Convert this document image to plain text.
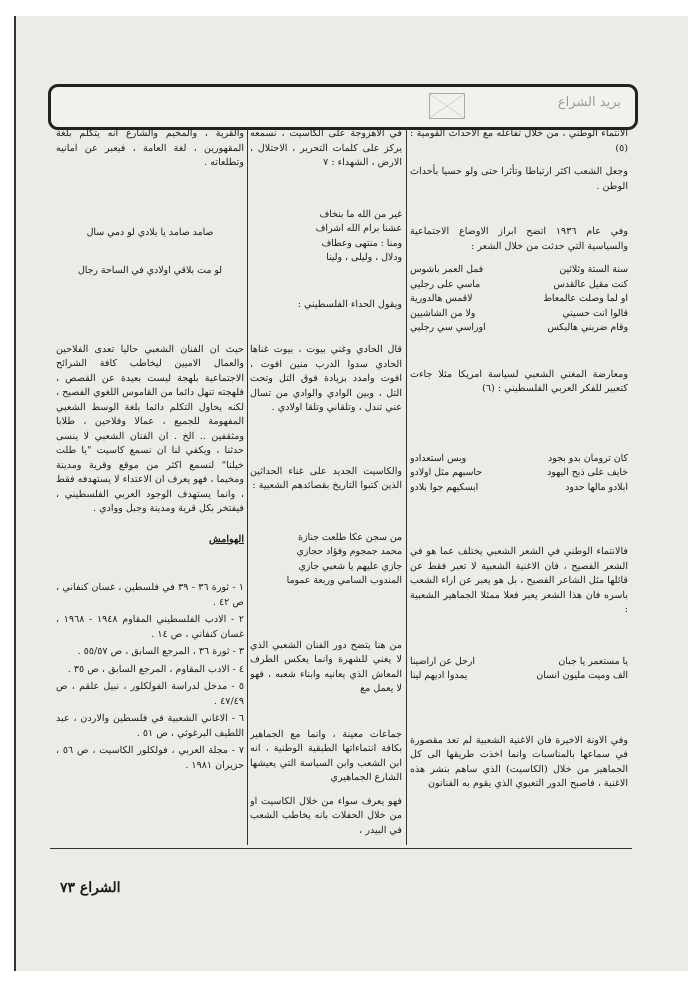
بريد الشراع

الانتماء الوطني ، من خلال تفاعله مع الاحداث القومية : (٥)

وجعل الشعب اكثر ارتباطا وتأثرا حتى ولو حسيا بأحداث الوطن .

وفي عام ١٩٣٦ اتضح ابراز الاوضاع الاجتماعية والسياسية التي حدثت من خلال الشعر :

سنة الستة وثلاثين
فمل العمر باشوس
كنت مقيل عالقدس
ماسي على رجليي
او لما وصلت عالمعاط
لاقمس هالدورية
قالوا انت حسيني
ولا من الشاشيين
وقام ضربني هالبكس
اوراسي سي رجليي

ومعارضة المغني الشعبي لسياسة امريكا مثلا جاءت كتعبير للفكر العربي الفلسطيني : (٦)

كان ترومان بدو بجود
وبس استعدادو
خايف على ذبح اليهود
حاسبهم مثل اولادو
ابلادو مالها حدود
ابسكيهم جوا بلادو

فالانتماء الوطني في الشعر الشعبي يختلف عما هو في الشعر الفصيح ، فان الاغنية الشعبية لا تعبر فقط عن قائلها مثل الشاعر الفصيح ، بل هو يعبر عن اراء الشعب باسره فان هذا الشعر يعبر فعلا ممثلا الجماهير الشعبية :

يا مستعمر يا جبان
ارحل عن اراضينا
الف وميت مليون انسان
يمدوا اديهم لينا

وفي الاونة الاخيرة فان الاغنية الشعبية لم تعد مقصورة في سماعها بالمناسبات وانما اخذت طريقها الى كل الجماهير من خلال (الكاسيت) الذي ساهم بنشر هذه الاغنية ، فاصبح الدور التعبوي الذي يقوم به الفنانون

في الاهزوجة على الكاسيت ، نسمعه يركز على كلمات التحرير ، الاحتلال ، الارض ، الشهداء : ٧

غير من الله ما بنخاف
عشنا برام الله اشراف
ومنا : منتهى وعطاف
ودلال ، وليلى ، ولينا

ويقول الحداء الفلسطيني :

قال الحادي وغني بيوت ، بيوت غناها الحادي سدوا الدرب منين افوت ، افوت وامدد بزيادة فوق التل وتحت التل ، وبين الوادي والوادي من تسال عني تندل ، وتلقاني وتلقا اولادي .

والكاسيت الجديد على غناء الحداثين الذين كتبوا التاريخ بقصائدهم الشعبية :

من سجن عكا طلعت جنازة
محمد جمجوم وفؤاد حجازي
جازي عليهم يا شعبي جازي
المندوب السامي وربعة عموما

من هنا يتضح دور الفنان الشعبي الذي لا يغني للشهرة وانما يعكس الطرف المعاش الذي يعانيه وابناء شعبه ، فهو لا يعمل مع

جماعات معينة ، وانما مع الجماهير بكافة انتماءاتها الطبقية الوطنية ، انه ابن الشعب وابن السياسة التي يعيشها الشارع الجماهيري

فهو يعرف سواء من خلال الكاسيت او من خلال الحفلات بانه يخاطب الشعب في البيدر ،

والقرية ، والمخيم والشارع انه يتكلم بلغة المقهورين ، لغة العامة ، فيعبر عن امانيه وتطلعاته .

صامد صامد يا بلادي لو دمي سال
لو مت بلاقي اولادي في الساحة رجال

حيث ان الفنان الشعبي حاليا تعدى الفلاحين والعمال الاميين ليخاطب كافة الشرائح الاجتماعية بلهجة ليست بعيدة عن القصص ، فلهجته تنهل دائما من القاموس اللغوي الفصيح ، لكنه يحاول التكلم دائما بلغة الوسط الشعبي المفهومة للجميع ، عمالا وفلاحين ، طلابا ومثقفين .. الخ . ان الفنان الشعبي لا ينسى حدثنا ، ويكفي لنا ان نسمع كاسيت "يا طلت خيلنا" لنسمع اكثر من موقع وقرية ومدينة ومخيما ، فهو يعرف ان الاعتداء لا يستهدفه فقط ، وانما يستهدف الوجود العربي الفلسطيني ، فيفتخر بكل قرية ومدينة وجبل ووادي .

الهوامش

١ - ثورة ٣٦ - ٣٩ في فلسطين ، غسان كنفاني ، ص ٤٢ .

٢ - الادب الفلسطيني المقاوم ١٩٤٨ - ١٩٦٨ ، غسان كنفاني ، ص ١٤ .

٣ - ثورة ٣٦ ، المرجع السابق ، ص ٥٥/٥٧ .

٤ - الادب المقاوم ، المرجع السابق ، ص ٣٥ .

٥ - مدخل لدراسة الفولكلور ، نبيل علقم ، ص ٤٧/٤٩ .

٦ - الاغاني الشعبية في فلسطين والاردن ، عبد اللطيف البرغوثي ، ص ٥١ .

٧ - مجلة العربي ، فولكلور الكاسيت ، ص ٥٦ ، حزيران ١٩٨١ .

الشراع ٧٣
